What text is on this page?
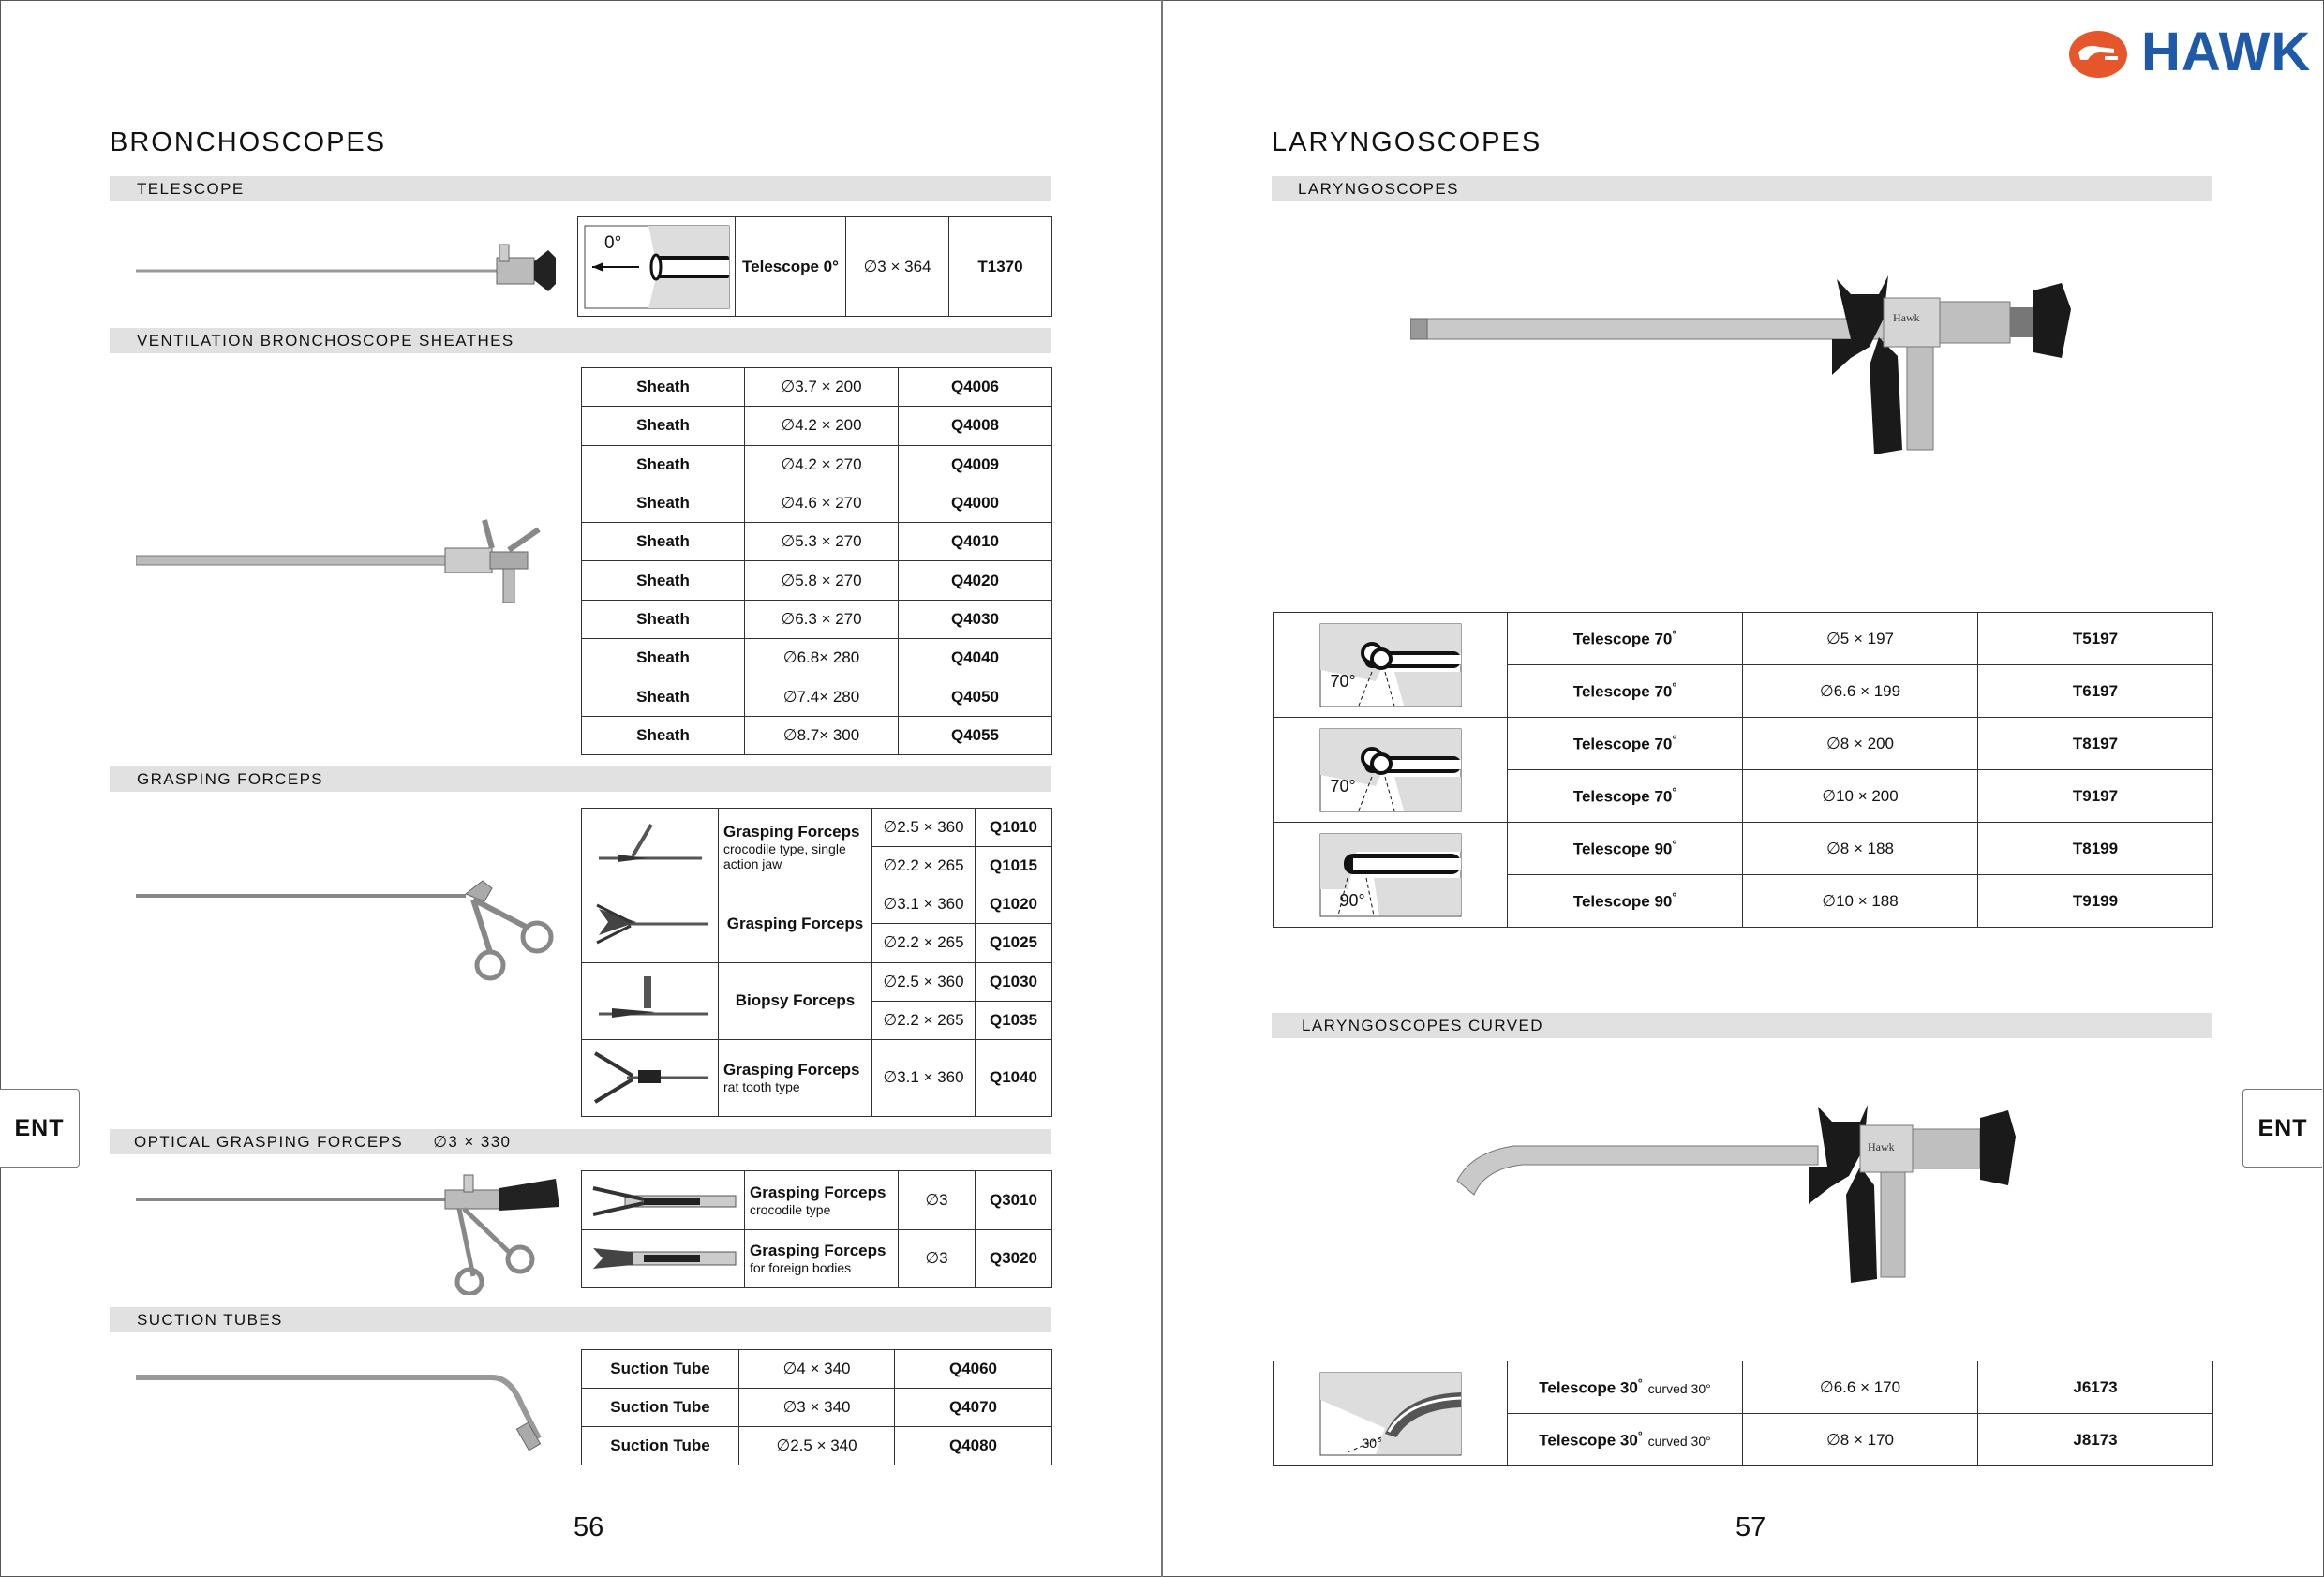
HAWK
BRONCHOSCOPES
TELESCOPE
0°
	Telescope 0°	∅3 × 364	T1370
VENTILATION BRONCHOSCOPE SHEATHES
Sheath	∅3.7 × 200	Q4006
Sheath	∅4.2 × 200	Q4008
Sheath	∅4.2 × 270	Q4009
Sheath	∅4.6 × 270	Q4000
Sheath	∅5.3 × 270	Q4010
Sheath	∅5.8 × 270	Q4020
Sheath	∅6.3 × 270	Q4030
Sheath	∅6.8× 280	Q4040
Sheath	∅7.4× 280	Q4050
Sheath	∅8.7× 300	Q4055
GRASPING FORCEPS

Grasping Forceps
crocodile type, single action jaw	∅2.5 × 360	Q1010
		∅2.2 × 265	Q1015

Grasping Forceps	∅3.1 × 360	Q1020
		∅2.2 × 265	Q1025

Biopsy Forceps	∅2.5 × 360	Q1030
		∅2.2 × 265	Q1035

Grasping Forceps
rat tooth type	∅3.1 × 360	Q1040
OPTICAL GRASPING FORCEPS ∅3 × 330

Grasping Forceps
crocodile type	∅3	Q3010

Grasping Forceps
for foreign bodies	∅3	Q3020
SUCTION TUBES
Suction Tube	∅4 × 340	Q4060
Suction Tube	∅3 × 340	Q4070
Suction Tube	∅2.5 × 340	Q4080
ENT
56
LARYNGOSCOPES
LARYNGOSCOPES
Hawk
70°	Telescope 70°	∅5 × 197	T5197
	Telescope 70°	∅6.6 × 199	T6197

70°	Telescope 70°	∅8 × 200	T8197
	Telescope 70°	∅10 × 200	T9197

90°	Telescope 90°	∅8 × 188	T8199
	Telescope 90°	∅10 × 188	T9199
LARYNGOSCOPES CURVED
Hawk
30°	Telescope 30° curved 30°	∅6.6 × 170	J6173
	Telescope 30° curved 30°	∅8 × 170	J8173
ENT
57
